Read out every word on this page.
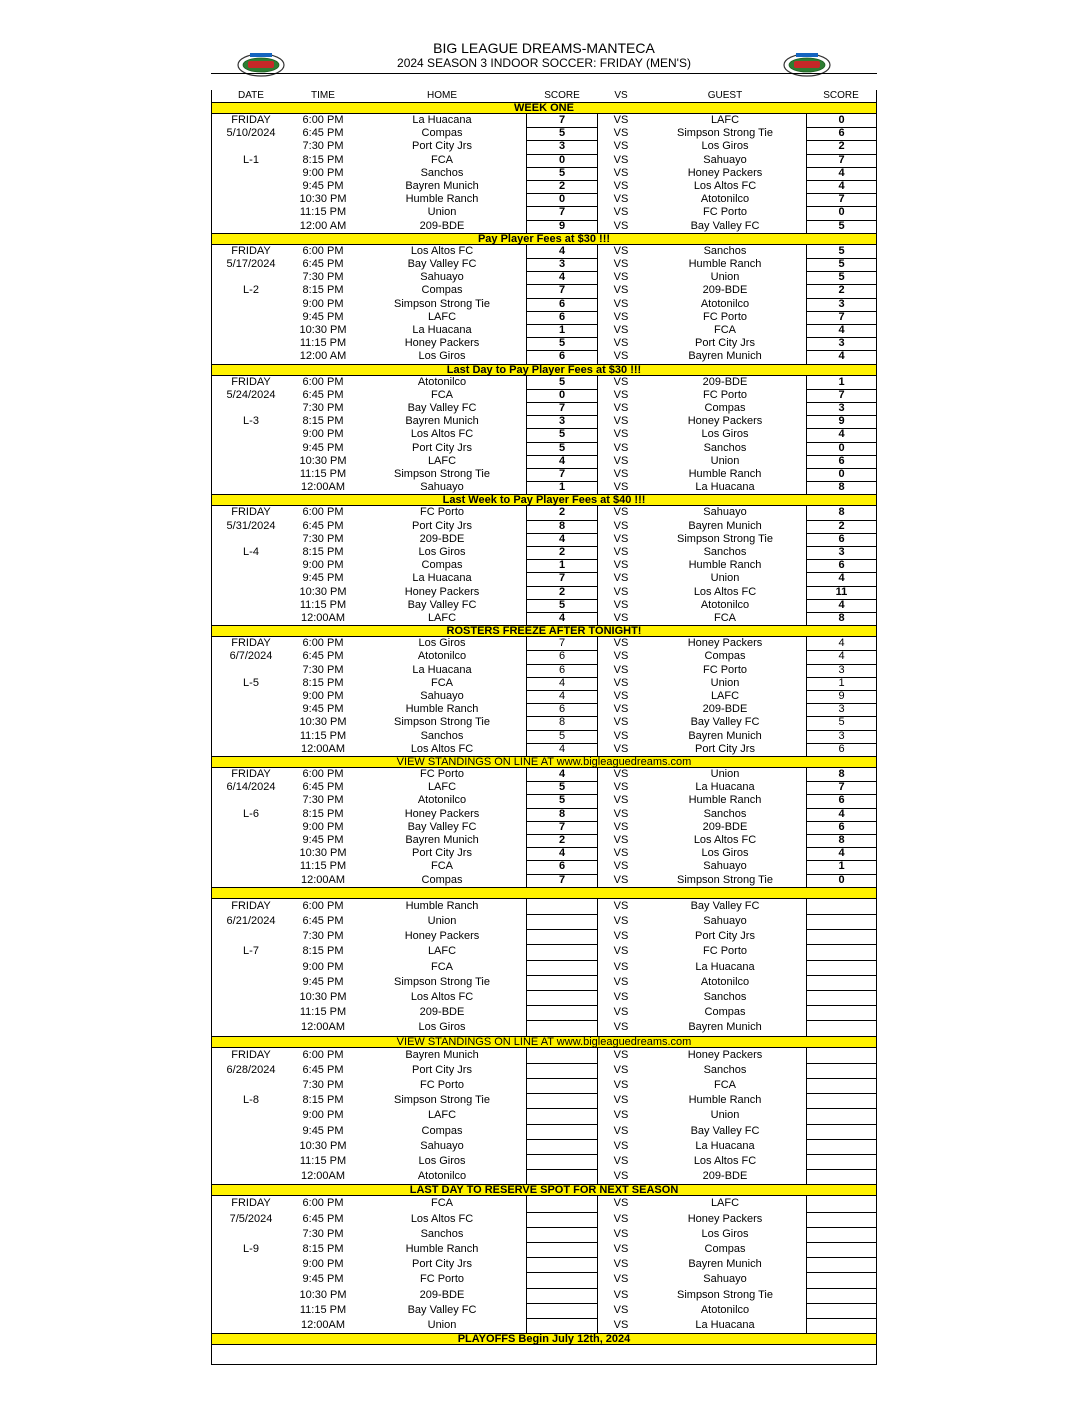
BIG LEAGUE DREAMS-MANTECA
2024 SEASON 3 INDOOR SOCCER: FRIDAY (MEN'S)
DATE	TIME	HOME	SCORE	VS	GUEST	SCORE
WEEK ONE
FRIDAY	6:00 PM	La Huacana	7	VS	LAFC	0
5/10/2024	6:45 PM	Compas	5	VS	Simpson Strong Tie	6
7:30 PM	Port City Jrs	3	VS	Los Giros	2
L-1	8:15 PM	FCA	0	VS	Sahuayo	7
9:00 PM	Sanchos	5	VS	Honey Packers	4
9:45 PM	Bayren Munich	2	VS	Los Altos FC	4
10:30 PM	Humble Ranch	0	VS	Atotonilco	7
11:15 PM	Union	7	VS	FC Porto	0
12:00 AM	209-BDE	9	VS	Bay Valley FC	5
Pay Player Fees at $30 !!!
FRIDAY	6:00 PM	Los Altos FC	4	VS	Sanchos	5
5/17/2024	6:45 PM	Bay Valley FC	3	VS	Humble Ranch	5
7:30 PM	Sahuayo	4	VS	Union	5
L-2	8:15 PM	Compas	7	VS	209-BDE	2
9:00 PM	Simpson Strong Tie	6	VS	Atotonilco	3
9:45 PM	LAFC	6	VS	FC Porto	7
10:30 PM	La Huacana	1	VS	FCA	4
11:15 PM	Honey Packers	5	VS	Port City Jrs	3
12:00 AM	Los Giros	6	VS	Bayren Munich	4
Last Day to Pay Player Fees at $30 !!!
FRIDAY	6:00 PM	Atotonilco	5	VS	209-BDE	1
5/24/2024	6:45 PM	FCA	0	VS	FC Porto	7
7:30 PM	Bay Valley FC	7	VS	Compas	3
L-3	8:15 PM	Bayren Munich	3	VS	Honey Packers	9
9:00 PM	Los Altos FC	5	VS	Los Giros	4
9:45 PM	Port City Jrs	5	VS	Sanchos	0
10:30 PM	LAFC	4	VS	Union	6
11:15 PM	Simpson Strong Tie	7	VS	Humble Ranch	0
12:00AM	Sahuayo	1	VS	La Huacana	8
Last Week to Pay Player Fees at $40 !!!
FRIDAY	6:00 PM	FC Porto	2	VS	Sahuayo	8
5/31/2024	6:45 PM	Port City Jrs	8	VS	Bayren Munich	2
7:30 PM	209-BDE	4	VS	Simpson Strong Tie	6
L-4	8:15 PM	Los Giros	2	VS	Sanchos	3
9:00 PM	Compas	1	VS	Humble Ranch	6
9:45 PM	La Huacana	7	VS	Union	4
10:30 PM	Honey Packers	2	VS	Los Altos FC	11
11:15 PM	Bay Valley FC	5	VS	Atotonilco	4
12:00AM	LAFC	4	VS	FCA	8
ROSTERS FREEZE AFTER TONIGHT!
FRIDAY	6:00 PM	Los Giros	7	VS	Honey Packers	4
6/7/2024	6:45 PM	Atotonilco	6	VS	Compas	4
7:30 PM	La Huacana	6	VS	FC Porto	3
L-5	8:15 PM	FCA	4	VS	Union	1
9:00 PM	Sahuayo	4	VS	LAFC	9
9:45 PM	Humble Ranch	6	VS	209-BDE	3
10:30 PM	Simpson Strong Tie	8	VS	Bay Valley FC	5
11:15 PM	Sanchos	5	VS	Bayren Munich	3
12:00AM	Los Altos FC	4	VS	Port City Jrs	6
VIEW STANDINGS ON LINE AT www.bigleaguedreams.com
FRIDAY	6:00 PM	FC Porto	4	VS	Union	8
6/14/2024	6:45 PM	LAFC	5	VS	La Huacana	7
7:30 PM	Atotonilco	5	VS	Humble Ranch	6
L-6	8:15 PM	Honey Packers	8	VS	Sanchos	4
9:00 PM	Bay Valley FC	7	VS	209-BDE	6
9:45 PM	Bayren Munich	2	VS	Los Altos FC	8
10:30 PM	Port City Jrs	4	VS	Los Giros	4
11:15 PM	FCA	6	VS	Sahuayo	1
12:00AM	Compas	7	VS	Simpson Strong Tie	0
FRIDAY	6:00 PM	Humble Ranch	VS	Bay Valley FC
6/21/2024	6:45 PM	Union	VS	Sahuayo
7:30 PM	Honey Packers	VS	Port City Jrs
L-7	8:15 PM	LAFC	VS	FC Porto
9:00 PM	FCA	VS	La Huacana
9:45 PM	Simpson Strong Tie	VS	Atotonilco
10:30 PM	Los Altos FC	VS	Sanchos
11:15 PM	209-BDE	VS	Compas
12:00AM	Los Giros	VS	Bayren Munich
VIEW STANDINGS ON LINE AT www.bigleaguedreams.com
FRIDAY	6:00 PM	Bayren Munich	VS	Honey Packers
6/28/2024	6:45 PM	Port City Jrs	VS	Sanchos
7:30 PM	FC Porto	VS	FCA
L-8	8:15 PM	Simpson Strong Tie	VS	Humble Ranch
9:00 PM	LAFC	VS	Union
9:45 PM	Compas	VS	Bay Valley FC
10:30 PM	Sahuayo	VS	La Huacana
11:15 PM	Los Giros	VS	Los Altos FC
12:00AM	Atotonilco	VS	209-BDE
LAST DAY TO RESERVE SPOT FOR NEXT SEASON
FRIDAY	6:00 PM	FCA	VS	LAFC
7/5/2024	6:45 PM	Los Altos FC	VS	Honey Packers
7:30 PM	Sanchos	VS	Los Giros
L-9	8:15 PM	Humble Ranch	VS	Compas
9:00 PM	Port City Jrs	VS	Bayren Munich
9:45 PM	FC Porto	VS	Sahuayo
10:30 PM	209-BDE	VS	Simpson Strong Tie
11:15 PM	Bay Valley FC	VS	Atotonilco
12:00AM	Union	VS	La Huacana
PLAYOFFS Begin July 12th, 2024
